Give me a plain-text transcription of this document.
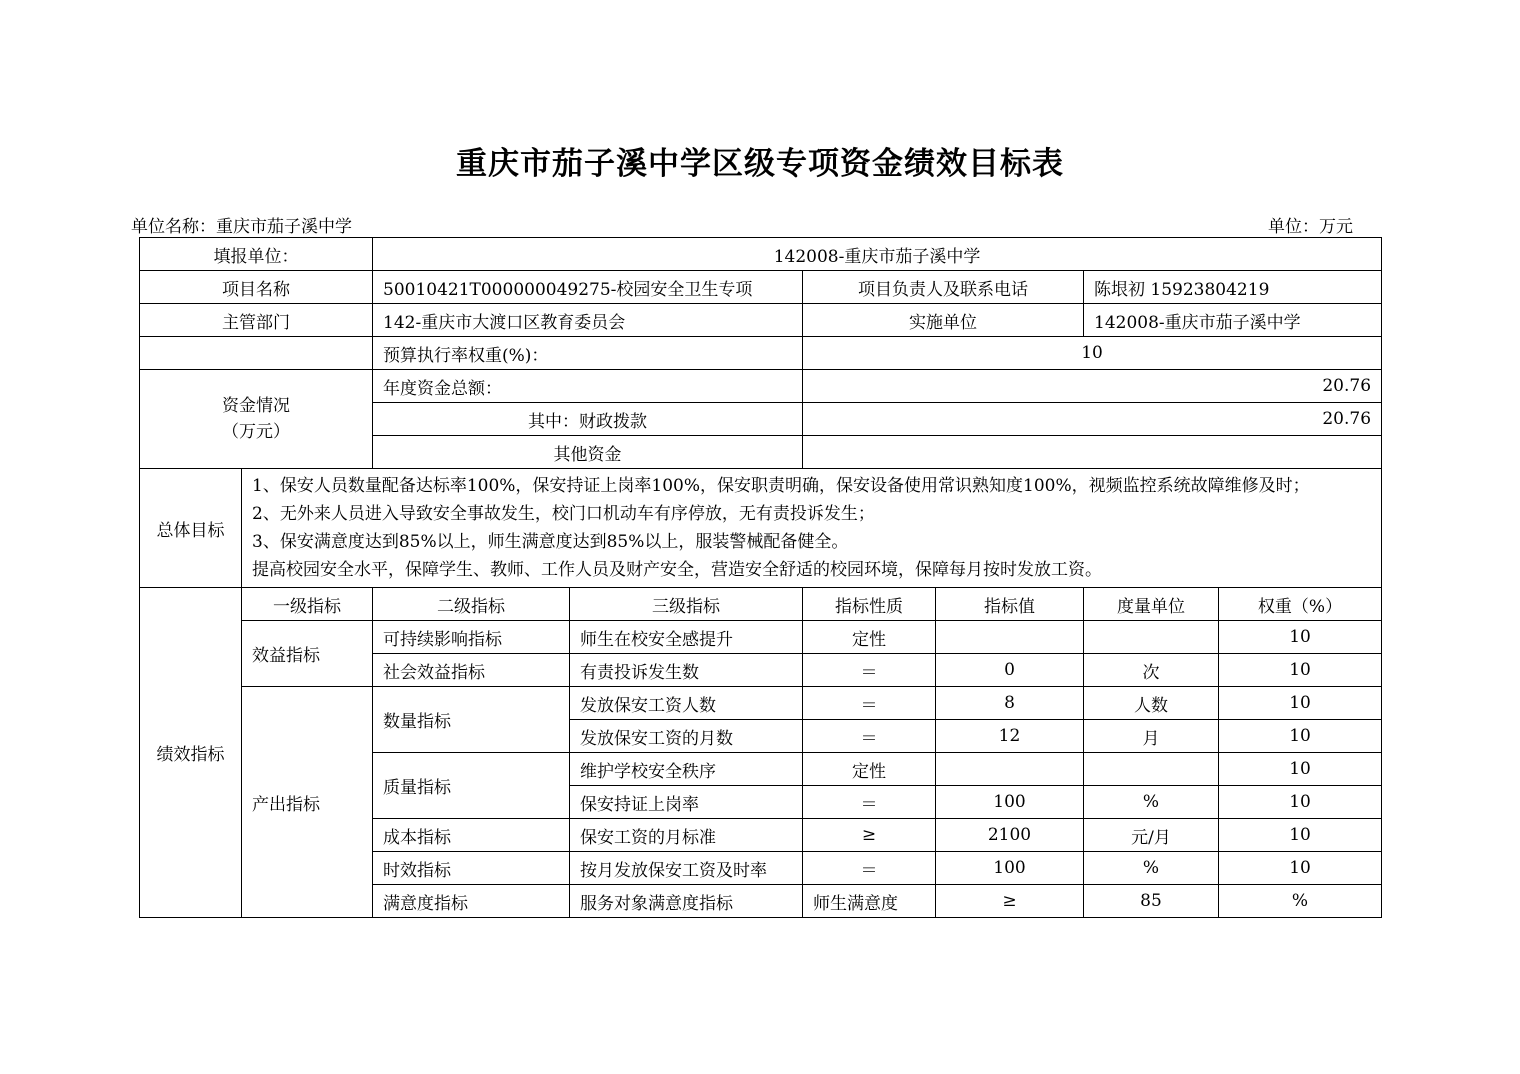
重庆市茄子溪中学区级专项资金绩效目标表
单位名称：重庆市茄子溪中学	单位：万元
填报单位：		142008-重庆市茄子溪中学						
项目名称		50010421T000000049275-校园安全卫生专项		项目负责人及联系电话		陈垠初 15923804219		
主管部门		142-重庆市大渡口区教育委员会		实施单位		142008-重庆市茄子溪中学		
		预算执行率权重(%)：		10				
资金情况
（万元）		年度资金总额：		20.76				
		其中：财政拨款		20.76				
		其他资金						
总体目标	1、保安人员数量配备达标率100%，保安持证上岗率100%，保安职责明确，保安设备使用常识熟知度100%，视频监控系统故障维修及时；
2、无外来人员进入导致安全事故发生，校门口机动车有序停放，无有责投诉发生；
3、保安满意度达到85%以上，师生满意度达到85%以上，服装警械配备健全。
提高校园安全水平，保障学生、教师、工作人员及财产安全，营造安全舒适的校园环境，保障每月按时发放工资。							

绩效指标	一级指标	二级指标	三级指标	指标性质	指标值	度量单位	权重（%）	
	效益指标	可持续影响指标	师生在校安全感提升	定性			10	
		社会效益指标	有责投诉发生数	＝	0	次	10	
	产出指标	数量指标	发放保安工资人数	＝	8	人数	10	
			发放保安工资的月数	＝	12	月	10	
		质量指标	维护学校安全秩序	定性			10	
			保安持证上岗率	＝	100	%	10	
		成本指标	保安工资的月标准	≥	2100	元/月	10	
		时效指标	按月发放保安工资及时率	＝	100	%	10	
		满意度指标	服务对象满意度指标	师生满意度	≥	85	%	
